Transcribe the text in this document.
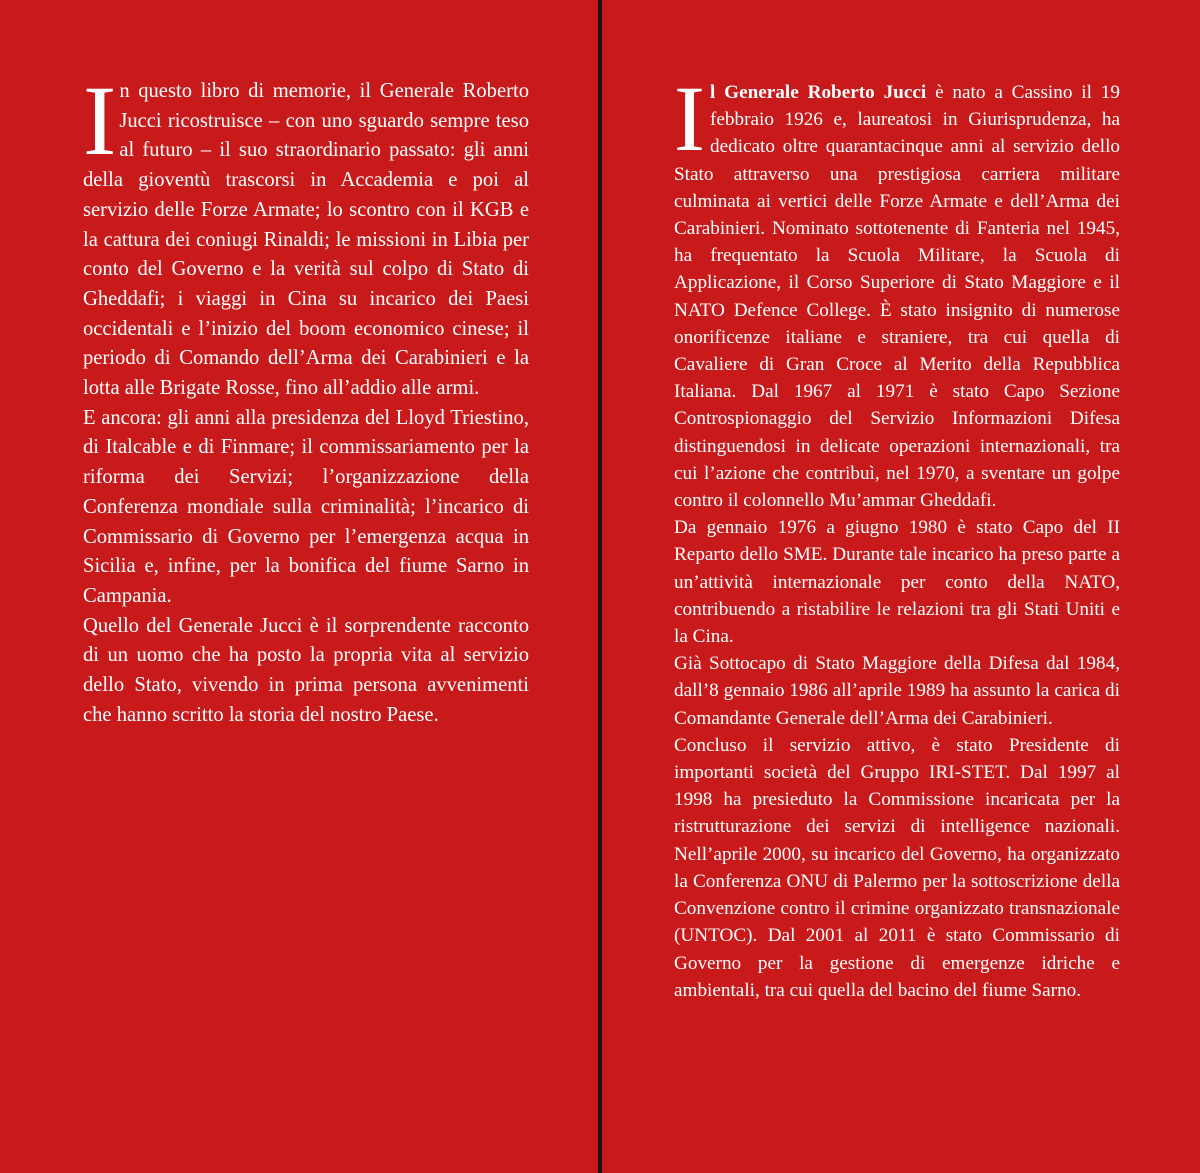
In questo libro di memorie, il Generale Roberto Jucci ricostruisce – con uno sguardo sempre teso al futuro – il suo straordinario passato: gli anni della gioventù trascorsi in Accademia e poi al servizio delle Forze Armate; lo scontro con il KGB e la cattura dei coniugi Rinaldi; le missioni in Libia per conto del Governo e la verità sul colpo di Stato di Gheddafi; i viaggi in Cina su incarico dei Paesi occidentali e l’inizio del boom economico cinese; il periodo di Comando dell’Arma dei Carabinieri e la lotta alle Brigate Rosse, fino all’addio alle armi.

E ancora: gli anni alla presidenza del Lloyd Triestino, di Italcable e di Finmare; il commissariamento per la riforma dei Servizi; l’organizzazione della Conferenza mondiale sulla criminalità; l’incarico di Commissario di Governo per l’emergenza acqua in Sicilia e, infine, per la bonifica del fiume Sarno in Campania.

Quello del Generale Jucci è il sorprendente racconto di un uomo che ha posto la propria vita al servizio dello Stato, vivendo in prima persona avvenimenti che hanno scritto la storia del nostro Paese.

Il Generale Roberto Jucci è nato a Cassino il 19 febbraio 1926 e, laureatosi in Giurisprudenza, ha dedicato oltre quarantacinque anni al servizio dello Stato attraverso una prestigiosa carriera militare culminata ai vertici delle Forze Armate e dell’Arma dei Carabinieri. Nominato sottotenente di Fanteria nel 1945, ha frequentato la Scuola Militare, la Scuola di Applicazione, il Corso Superiore di Stato Maggiore e il NATO Defence College. È stato insignito di numerose onorificenze italiane e straniere, tra cui quella di Cavaliere di Gran Croce al Merito della Repubblica Italiana. Dal 1967 al 1971 è stato Capo Sezione Controspionaggio del Servizio Informazioni Difesa distinguendosi in delicate operazioni internazionali, tra cui l’azione che contribuì, nel 1970, a sventare un golpe contro il colonnello Mu’ammar Gheddafi.

Da gennaio 1976 a giugno 1980 è stato Capo del II Reparto dello SME. Durante tale incarico ha preso parte a un’attività internazionale per conto della NATO, contribuendo a ristabilire le relazioni tra gli Stati Uniti e la Cina.

Già Sottocapo di Stato Maggiore della Difesa dal 1984, dall’8 gennaio 1986 all’aprile 1989 ha assunto la carica di Comandante Generale dell’Arma dei Carabinieri.

Concluso il servizio attivo, è stato Presidente di importanti società del Gruppo IRI-STET. Dal 1997 al 1998 ha presieduto la Commissione incaricata per la ristrutturazione dei servizi di intelligence nazionali. Nell’aprile 2000, su incarico del Governo, ha organizzato la Conferenza ONU di Palermo per la sottoscrizione della Convenzione contro il crimine organizzato transnazionale (UNTOC). Dal 2001 al 2011 è stato Commissario di Governo per la gestione di emergenze idriche e ambientali, tra cui quella del bacino del fiume Sarno.
